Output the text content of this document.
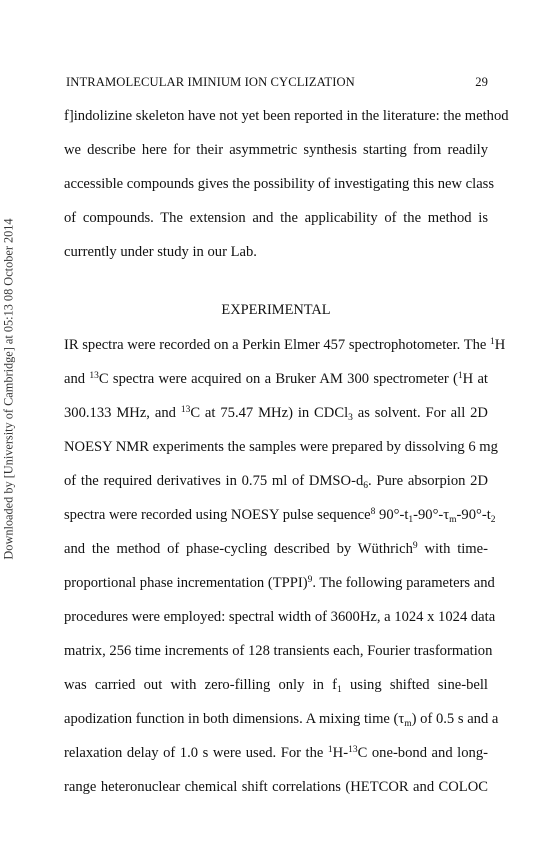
Downloaded by [University of Cambridge] at 05:13 08 October 2014
INTRAMOLECULAR IMINIUM ION CYCLIZATION	29
f]indolizine skeleton have not yet been reported in the literature: the method
we describe here for their asymmetric synthesis starting from readily
accessible compounds gives the possibility of investigating this new class
of compounds. The extension and the applicability of the method is
currently under study in our Lab.
EXPERIMENTAL
IR spectra were recorded on a Perkin Elmer 457 spectrophotometer. The $^1$H
and $^{13}$C spectra were acquired on a Bruker AM 300 spectrometer ($^1$H at
300.133 MHz, and $^{13}$C at 75.47 MHz) in CDCl$_3$ as solvent. For all 2D
NOESY NMR experiments the samples were prepared by dissolving 6 mg
of the required derivatives in 0.75 ml of DMSO-$d_6$. Pure absorpion 2D
spectra were recorded using NOESY pulse sequence$^8$ $90^\circ-t_1-90^\circ-\tau_m-90^\circ-t_2$
and the method of phase-cycling described by Wüthrich$^9$ with time-
proportional phase incrementation (TPPI)$^9$. The following parameters and
procedures were employed: spectral width of 3600Hz, a 1024 x 1024 data
matrix, 256 time increments of 128 transients each, Fourier trasformation
was carried out with zero-filling only in $f_1$ using shifted sine-bell
apodization function in both dimensions. A mixing time $(\tau_m)$ of 0.5 s and a
relaxation delay of 1.0 s were used. For the $^1$H-$^{13}$C one-bond and long-
range heteronuclear chemical shift correlations (HETCOR and COLOC
